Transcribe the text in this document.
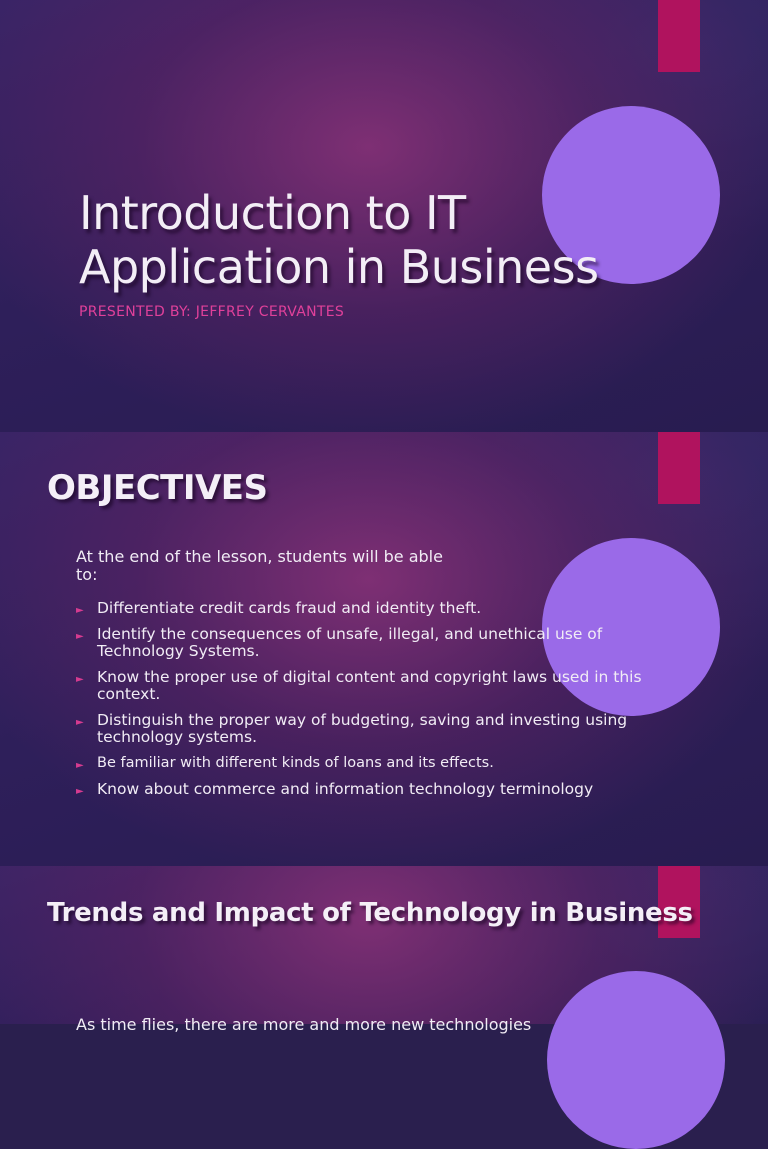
Introduction to IT
Application in Business
PRESENTED BY: JEFFREY CERVANTES
OBJECTIVES
At the end of the lesson, students will be able to:
► Differentiate credit cards fraud and identity theft.
► Identify the consequences of unsafe, illegal, and unethical use of Technology Systems.
► Know the proper use of digital content and copyright laws used in this context.
► Distinguish the proper way of budgeting, saving and investing using technology systems.
► Be familiar with different kinds of loans and its effects.
► Know about commerce and information technology terminology
Trends and Impact of Technology in Business
As time flies, there are more and more new technologies
